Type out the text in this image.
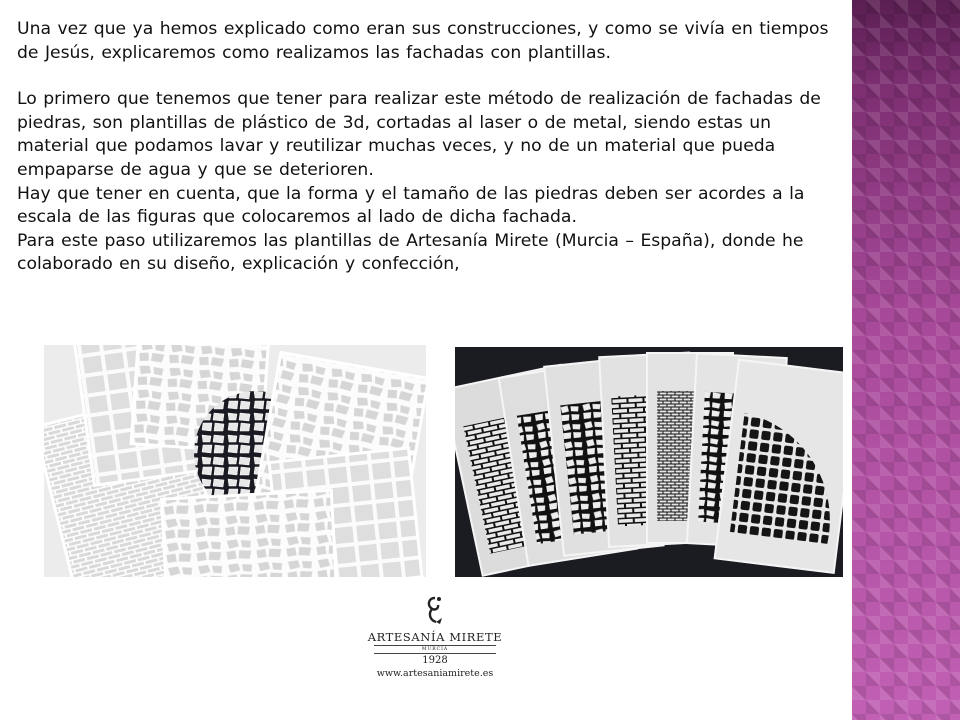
Una vez que ya hemos explicado como eran sus construcciones, y como se vivía en tiempos de Jesús, explicaremos como realizamos las fachadas con plantillas.

Lo primero que tenemos que tener para realizar este método de realización de fachadas de piedras, son plantillas de plástico de 3d, cortadas al laser o de metal, siendo estas un material que podamos lavar y reutilizar muchas veces, y no de un material que pueda empaparse de agua y que se deterioren.

Hay que tener en cuenta, que la forma y el tamaño de las piedras deben ser acordes a la escala de las figuras que colocaremos al lado de dicha fachada.

Para este paso utilizaremos las plantillas de Artesanía Mirete (Murcia – España), donde he colaborado en su diseño, explicación y confección,

ARTESANÍA MIRETE
MURCIA
1928
www.artesaniamirete.es
